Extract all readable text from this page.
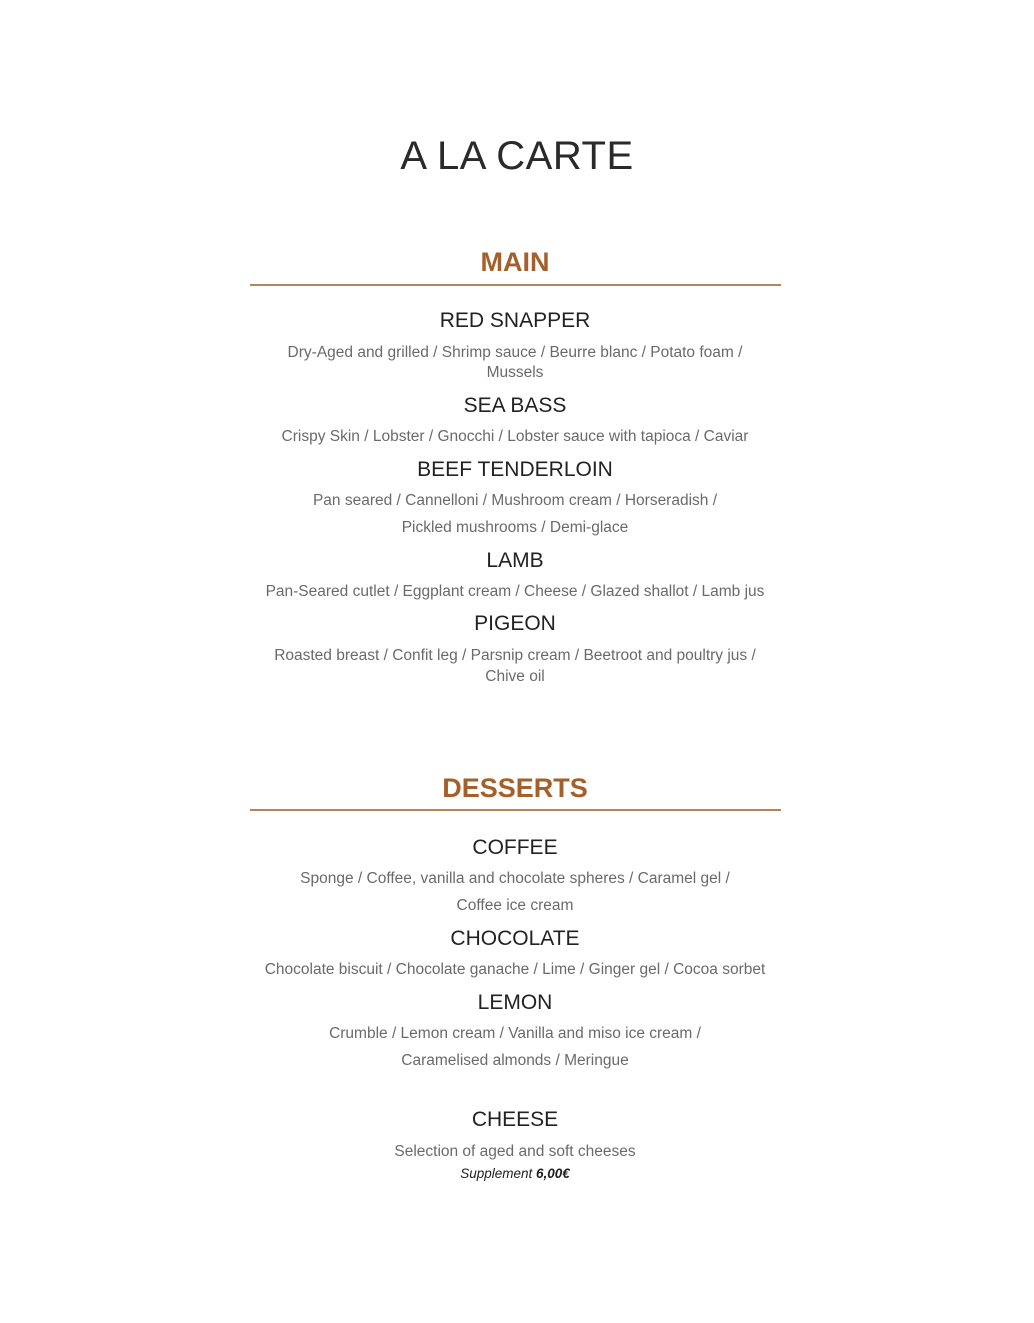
A LA CARTE
MAIN
RED SNAPPER
Dry-Aged and grilled / Shrimp sauce / Beurre blanc / Potato foam /
Mussels
SEA BASS
Crispy Skin / Lobster / Gnocchi / Lobster sauce with tapioca / Caviar
BEEF TENDERLOIN
Pan seared / Cannelloni / Mushroom cream / Horseradish /
Pickled mushrooms / Demi-glace
LAMB
Pan-Seared cutlet / Eggplant cream / Cheese / Glazed shallot / Lamb jus
PIGEON
Roasted breast / Confit leg / Parsnip cream / Beetroot and poultry jus /
Chive oil
DESSERTS
COFFEE
Sponge / Coffee, vanilla and chocolate spheres / Caramel gel /
Coffee ice cream
CHOCOLATE
Chocolate biscuit / Chocolate ganache / Lime / Ginger gel / Cocoa sorbet
LEMON
Crumble / Lemon cream / Vanilla and miso ice cream /
Caramelised almonds / Meringue
CHEESE
Selection of aged and soft cheeses
Supplement 6,00€
